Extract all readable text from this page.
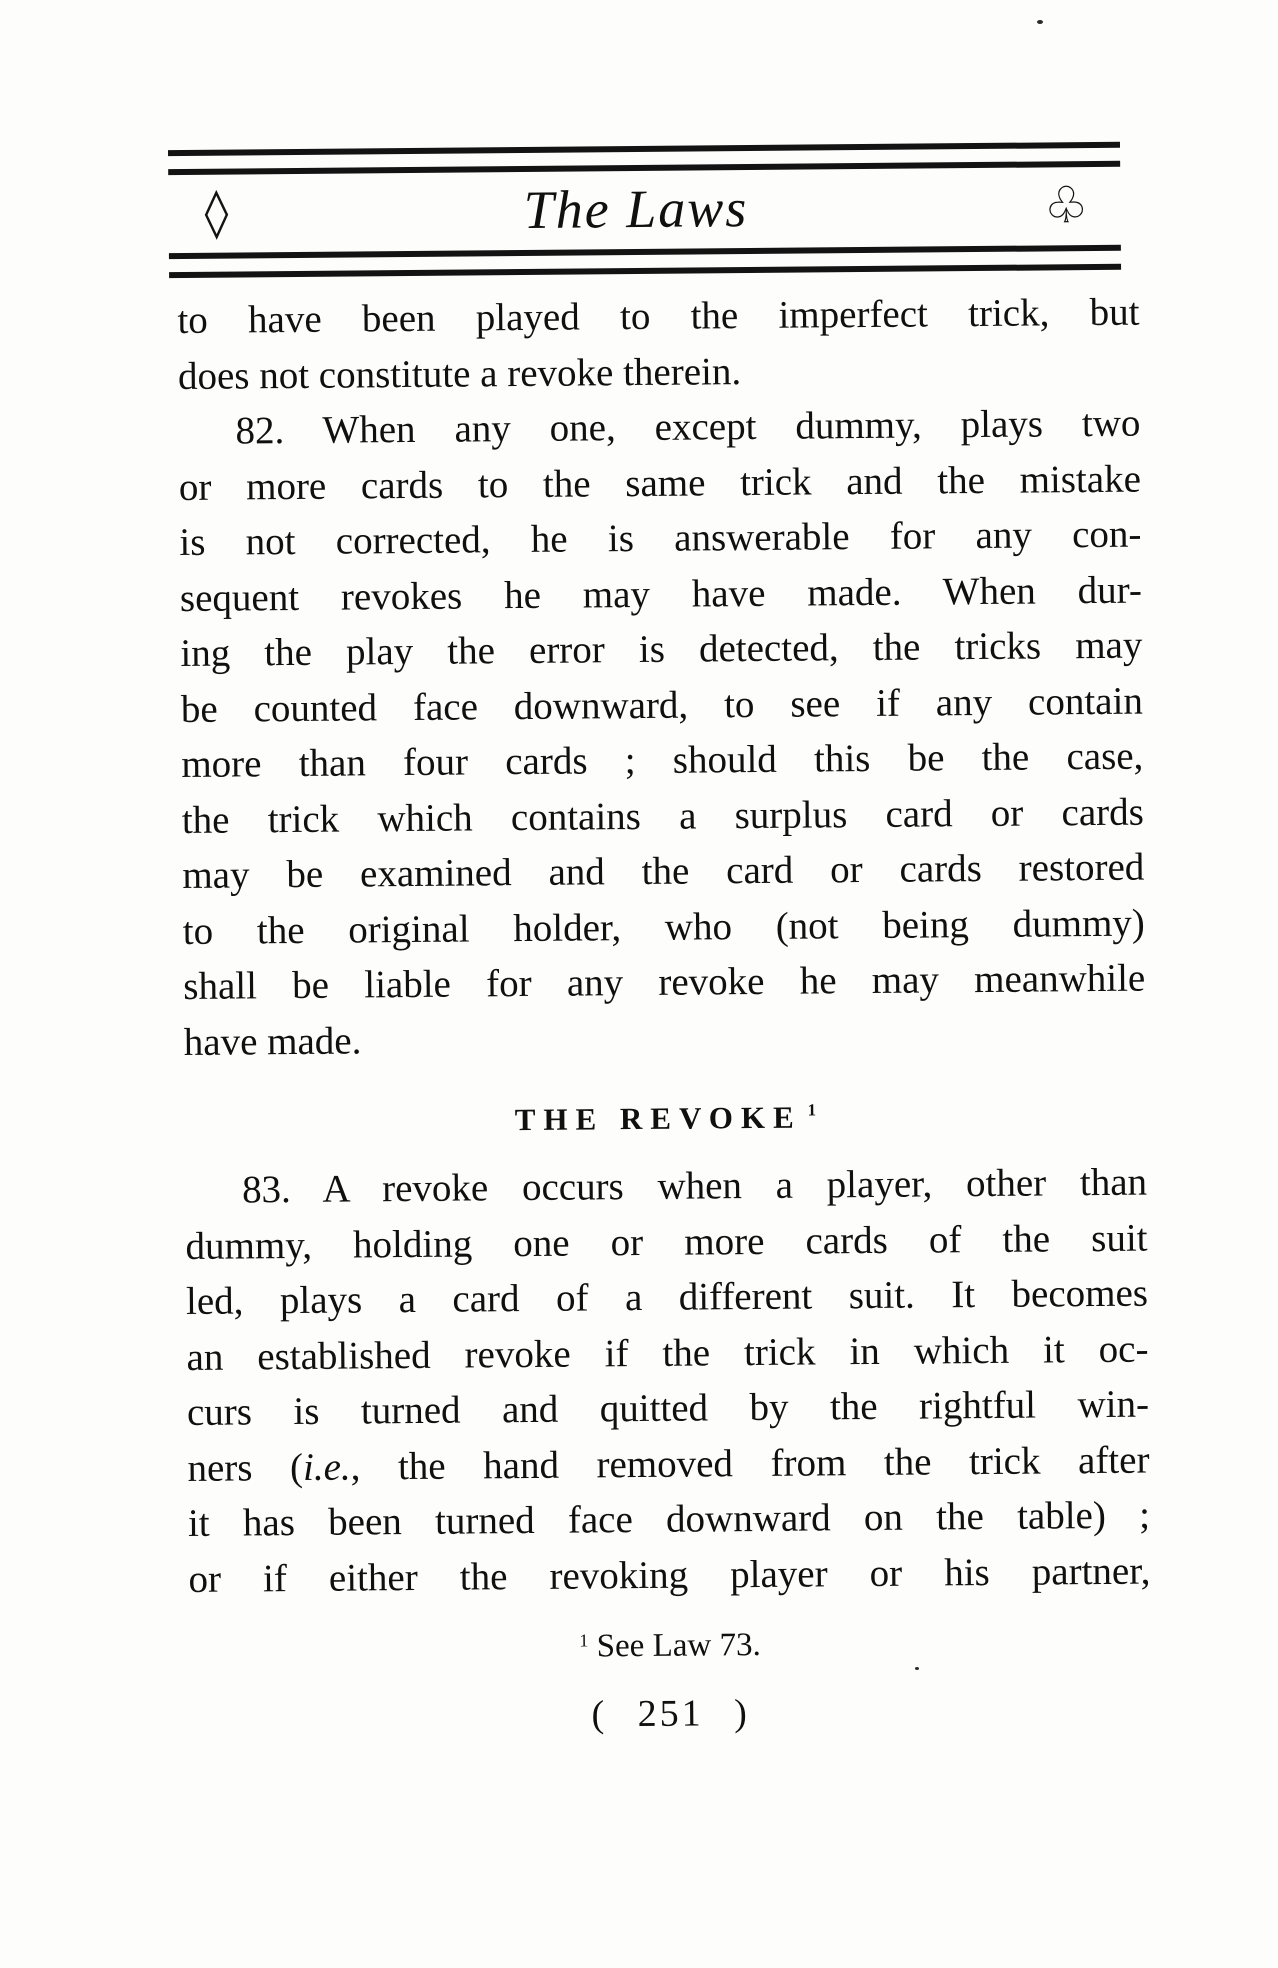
◊	The Laws	♧
to have been played to the imperfect trick, but
does not constitute a revoke therein.
82. When any one, except dummy, plays two
or more cards to the same trick and the mistake
is not corrected, he is answerable for any con-
sequent revokes he may have made. When dur-
ing the play the error is detected, the tricks may
be counted face downward, to see if any contain
more than four cards ; should this be the case,
the trick which contains a surplus card or cards
may be examined and the card or cards restored
to the original holder, who (not being dummy)
shall be liable for any revoke he may meanwhile
have made.
THE REVOKE $^1$
83. A revoke occurs when a player, other than
dummy, holding one or more cards of the suit
led, plays a card of a different suit. It becomes
an established revoke if the trick in which it oc-
curs is turned and quitted by the rightful win-
ners (i.e., the hand removed from the trick after
it has been turned face downward on the table) ;
or if either the revoking player or his partner,
$^1$ See Law 73.
( 251 )
